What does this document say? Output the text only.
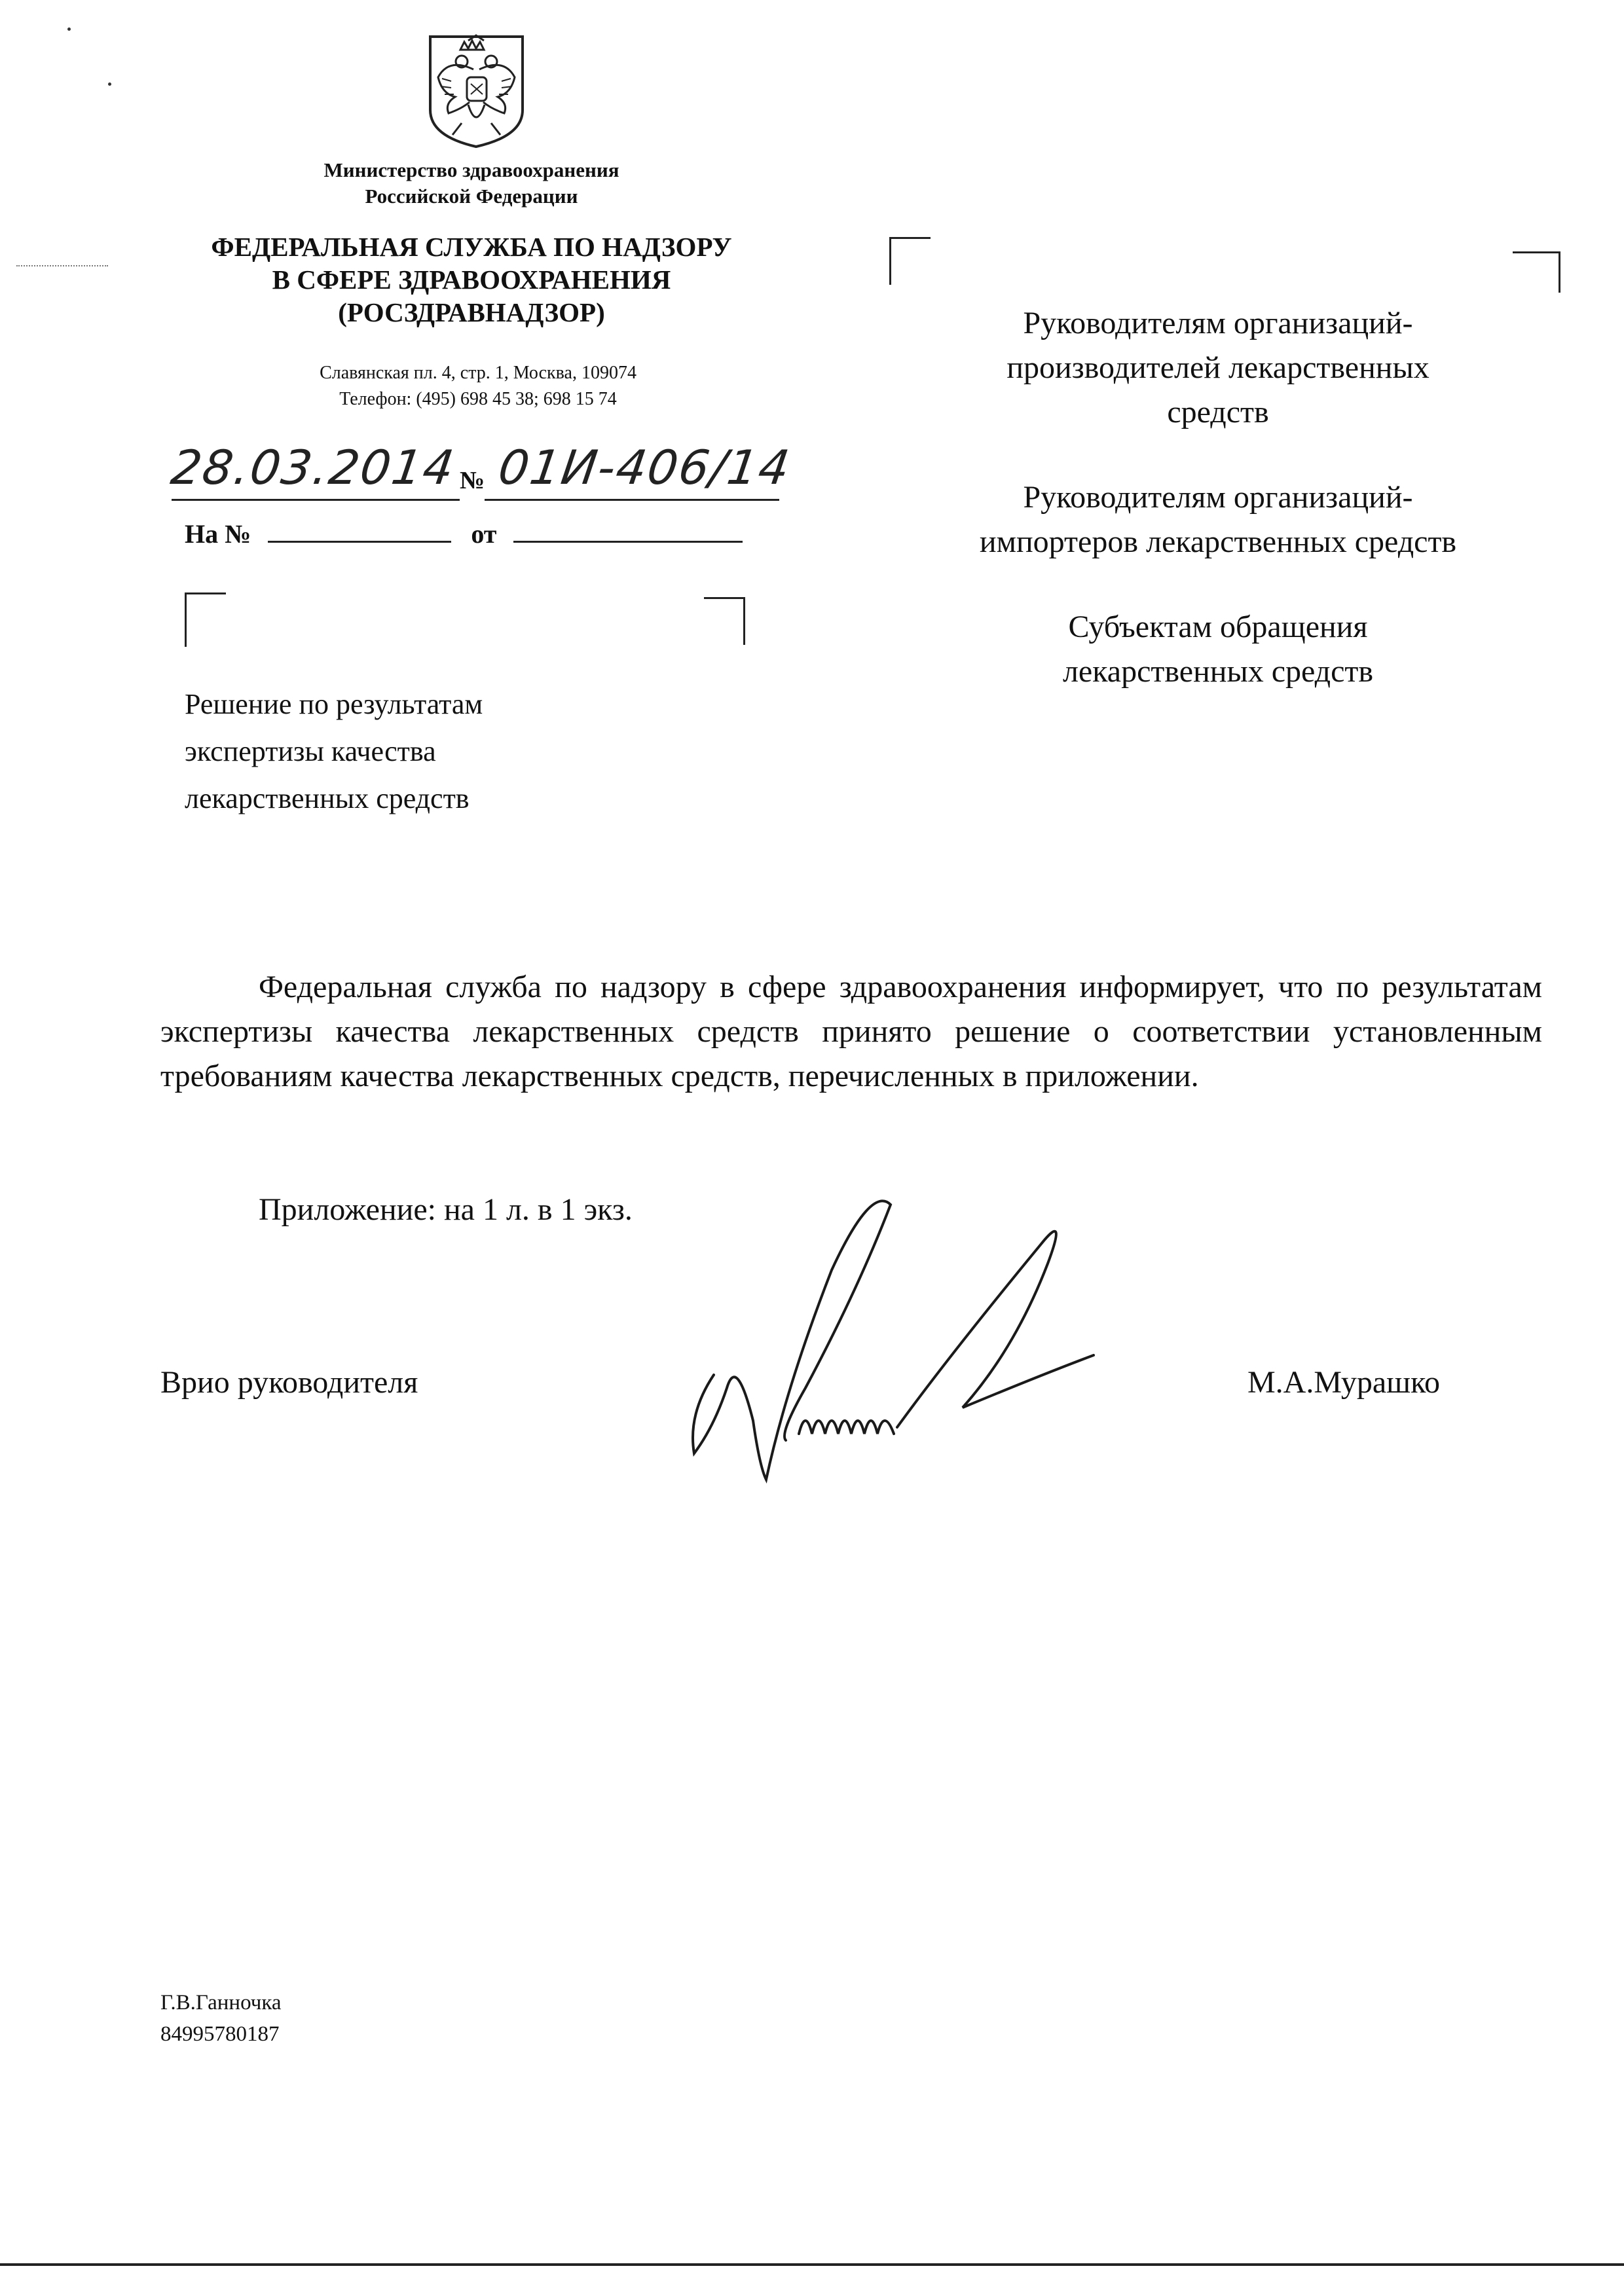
Министерство здравоохранения
Российской Федерации
ФЕДЕРАЛЬНАЯ СЛУЖБА ПО НАДЗОРУ
В СФЕРЕ ЗДРАВООХРАНЕНИЯ
(РОСЗДРАВНАДЗОР)
Славянская пл. 4, стр. 1, Москва, 109074
Телефон: (495) 698 45 38; 698 15 74
28.03.2014 № 01И-406/14
На №	от
Руководителям организаций-
производителей лекарственных
средств
Руководителям организаций-
импортеров лекарственных средств
Субъектам обращения
лекарственных средств
Решение по результатам
экспертизы качества
лекарственных средств

Федеральная служба по надзору в сфере здравоохранения информирует, что по результатам экспертизы качества лекарственных средств принято решение о соответствии установленным требованиям качества лекарственных средств, перечисленных в приложении.

Приложение: на 1 л. в 1 экз.
Врио руководителя	М.А.Мурашко
Г.В.Ганночка
84995780187
